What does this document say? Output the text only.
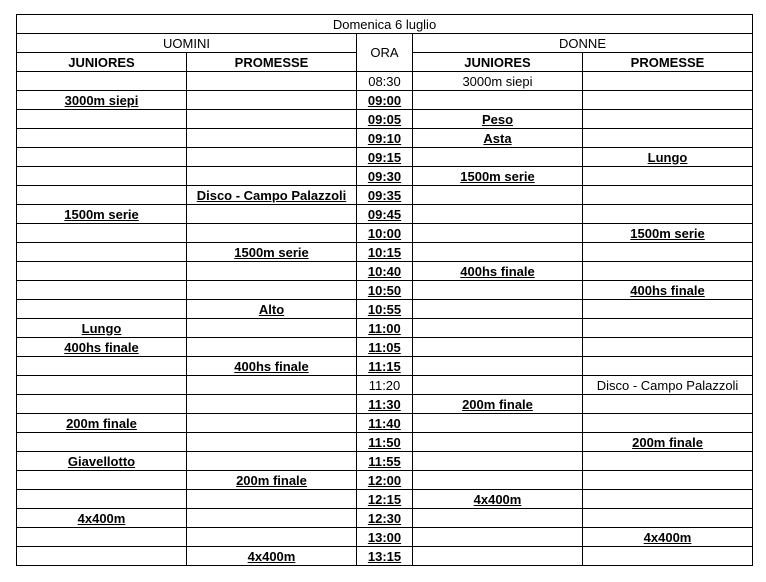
Domenica 6 luglio				
UOMINI		ORA	DONNE	
JUNIORES	PROMESSE		JUNIORES	PROMESSE
		08:30	3000m siepi	
3000m siepi		09:00		
		09:05	Peso	
		09:10	Asta	
		09:15		Lungo
		09:30	1500m serie	
	Disco - Campo Palazzoli	09:35		
1500m serie		09:45		
		10:00		1500m serie
	1500m serie	10:15		
		10:40	400hs finale	
		10:50		400hs finale
	Alto	10:55		
Lungo		11:00		
400hs finale		11:05		
	400hs finale	11:15		
		11:20		Disco - Campo Palazzoli
		11:30	200m finale	
200m finale		11:40		
		11:50		200m finale
Giavellotto		11:55		
	200m finale	12:00		
		12:15	4x400m	
4x400m		12:30		
		13:00		4x400m
	4x400m	13:15		
